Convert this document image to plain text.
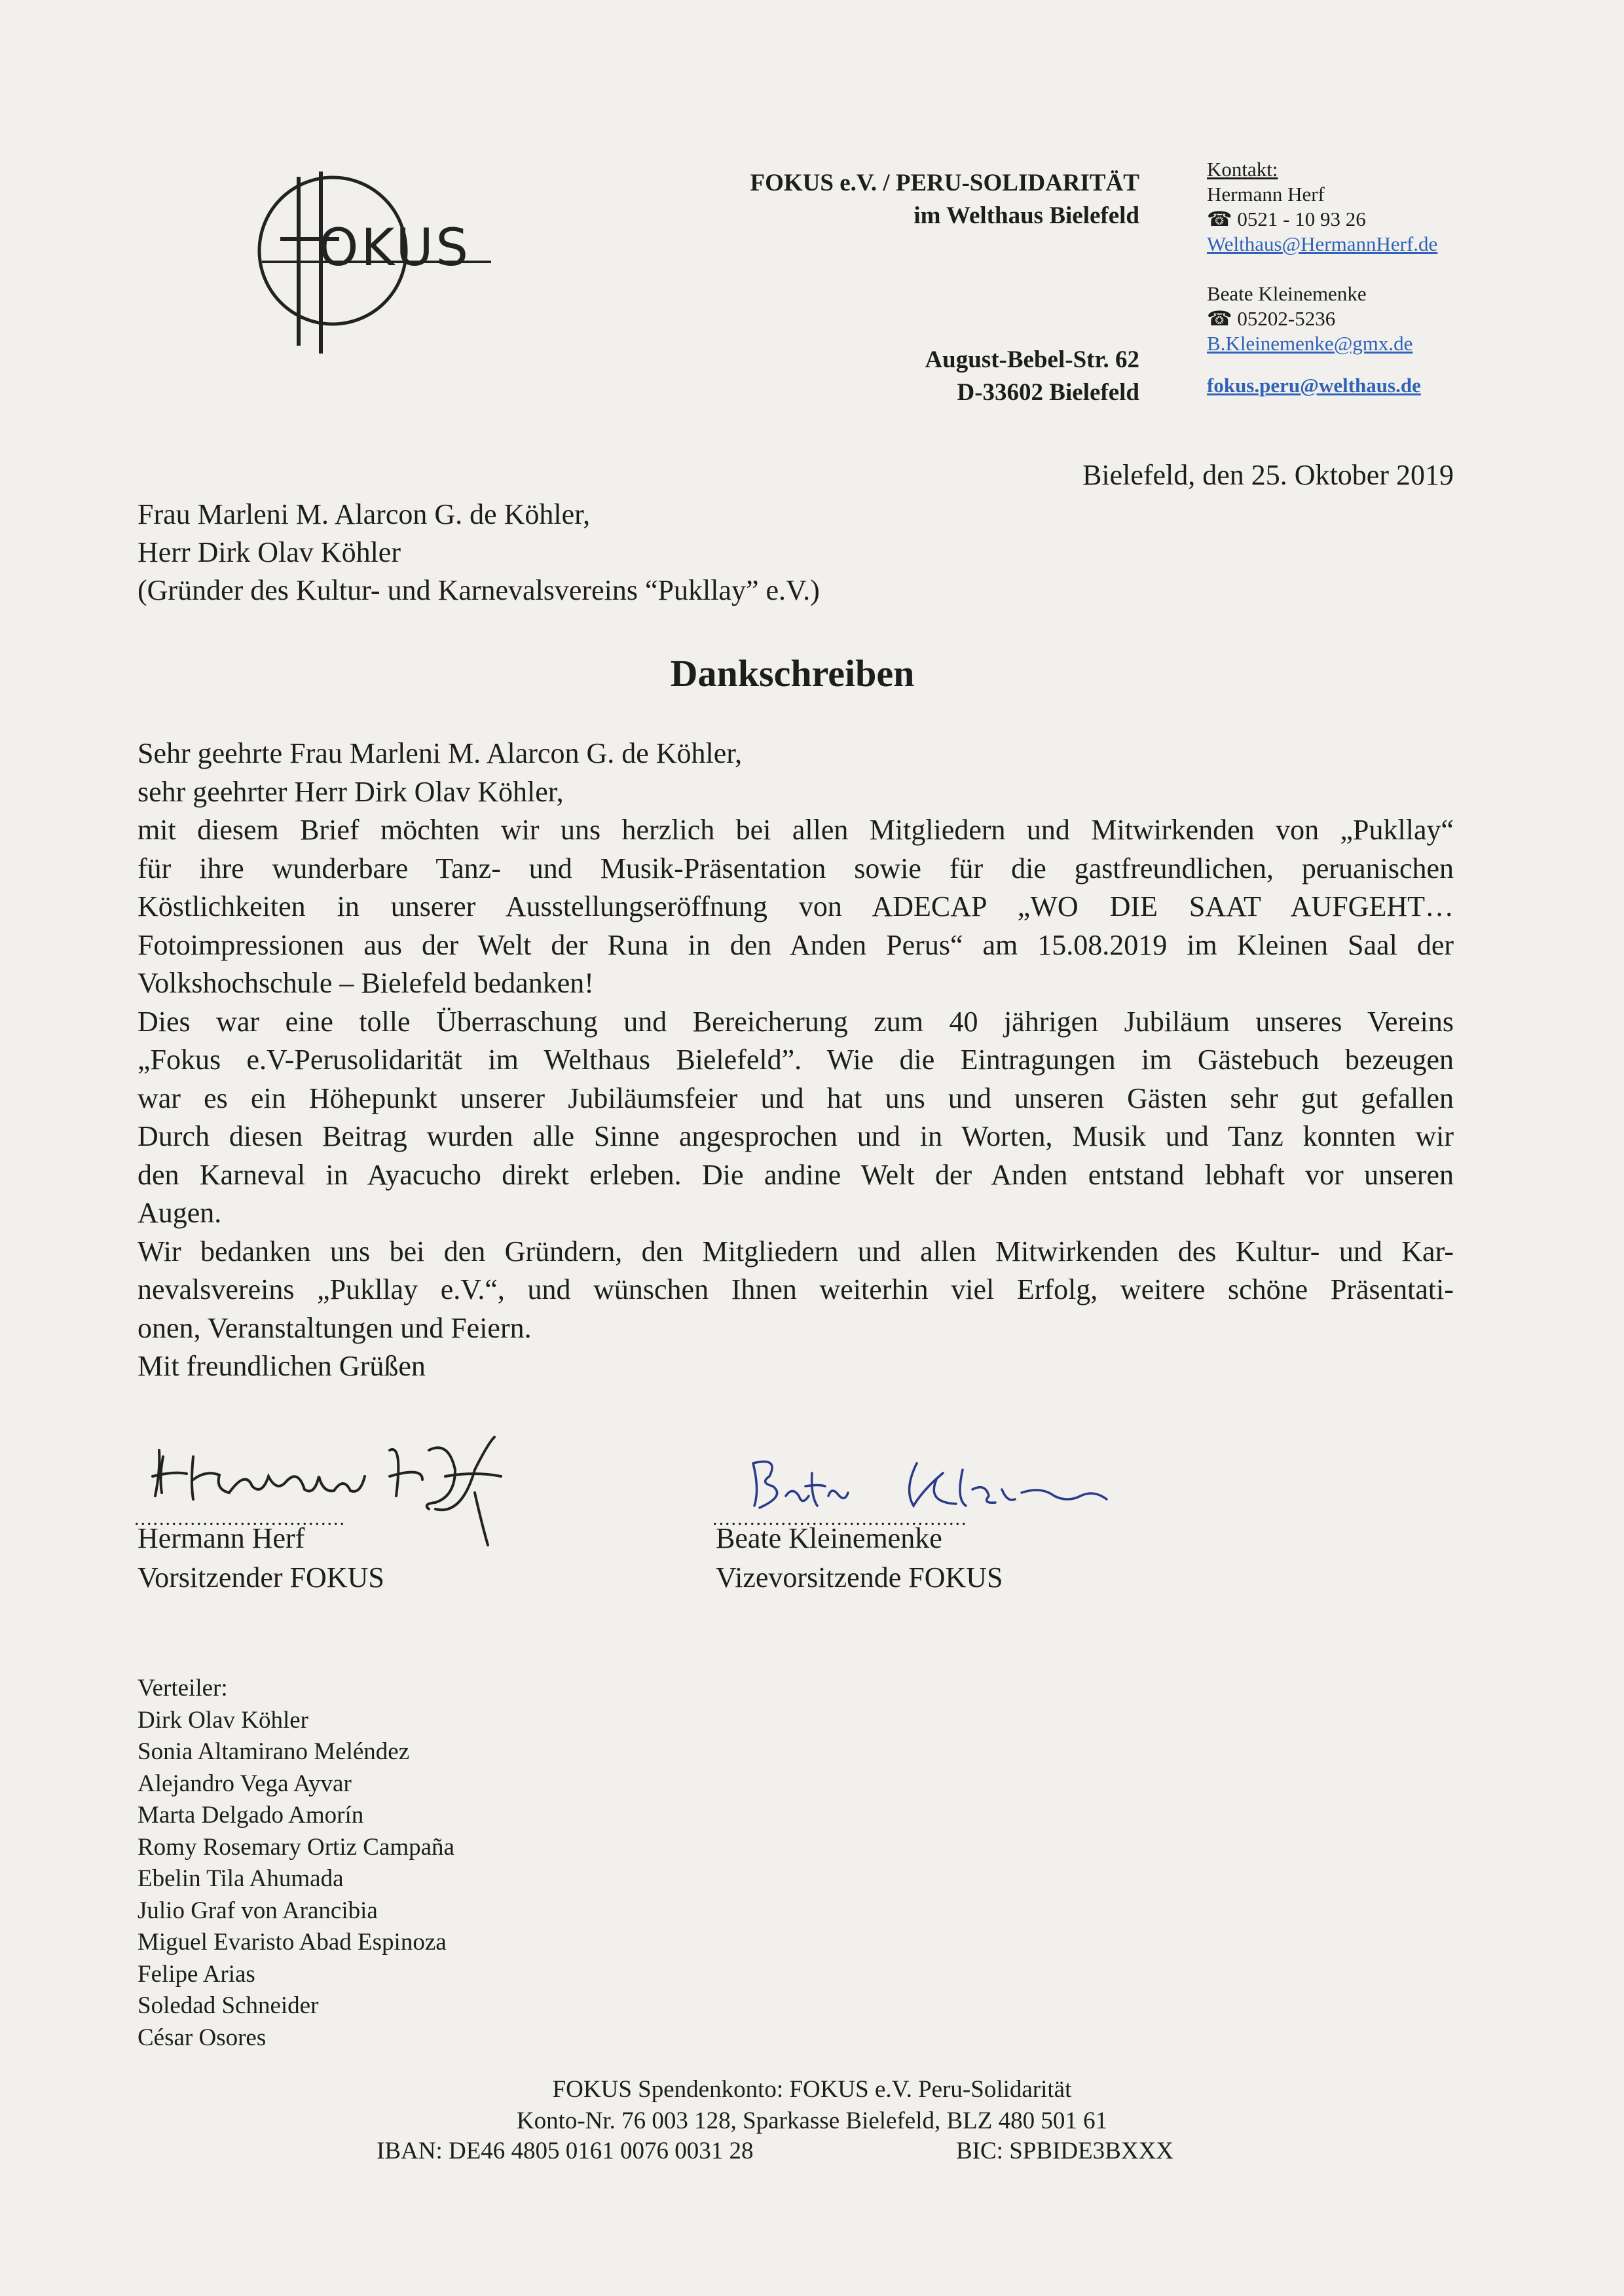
OKUS
FOKUS e.V. / PERU-SOLIDARITÄT
im Welthaus Bielefeld
August-Bebel-Str. 62
D-33602 Bielefeld
Kontakt:
Hermann Herf
☎ 0521 - 10 93 26
Welthaus@HermannHerf.de
Beate Kleinemenke
☎ 05202-5236
B.Kleinemenke@gmx.de
fokus.peru@welthaus.de
Bielefeld, den 25. Oktober 2019
Frau Marleni M. Alarcon G. de Köhler,
Herr Dirk Olav Köhler
(Gründer des Kultur- und Karnevalsvereins “Pukllay” e.V.)
Dankschreiben

Sehr geehrte Frau Marleni M. Alarcon G. de Köhler,

sehr geehrter Herr Dirk Olav Köhler,

mit diesem Brief möchten wir uns herzlich bei allen Mitgliedern und Mitwirkenden von „Pukllay“

für ihre wunderbare Tanz- und Musik-Präsentation sowie für die gastfreundlichen, peruanischen

Köstlichkeiten in unserer Ausstellungseröffnung von ADECAP „WO DIE SAAT AUFGEHT…

Fotoimpressionen aus der Welt der Runa in den Anden Perus“ am 15.08.2019 im Kleinen Saal der

Volkshochschule – Bielefeld bedanken!

Dies war eine tolle Überraschung und Bereicherung zum 40 jährigen Jubiläum unseres Vereins

„Fokus e.V-Perusolidarität im Welthaus Bielefeld”. Wie die Eintragungen im Gästebuch bezeugen

war es ein Höhepunkt unserer Jubiläumsfeier und hat uns und unseren Gästen sehr gut gefallen

Durch diesen Beitrag wurden alle Sinne angesprochen und in Worten, Musik und Tanz konnten wir

den Karneval in Ayacucho direkt erleben. Die andine Welt der Anden entstand lebhaft vor unseren

Augen.

Wir bedanken uns bei den Gründern, den Mitgliedern und allen Mitwirkenden des Kultur- und Kar-

nevalsvereins „Pukllay e.V.“, und wünschen Ihnen weiterhin viel Erfolg, weitere schöne Präsentati-

onen, Veranstaltungen und Feiern.

Mit freundlichen Grüßen

..................................	.........................................
Hermann Herf
Vorsitzender FOKUS
Beate Kleinemenke
Vizevorsitzende FOKUS
Verteiler:
Dirk Olav Köhler
Sonia Altamirano Meléndez
Alejandro Vega Ayvar
Marta Delgado Amorín
Romy Rosemary Ortiz Campaña
Ebelin Tila Ahumada
Julio Graf von Arancibia
Miguel Evaristo Abad Espinoza
Felipe Arias
Soledad Schneider
César Osores
FOKUS Spendenkonto: FOKUS e.V. Peru-Solidarität
Konto-Nr. 76 003 128, Sparkasse Bielefeld, BLZ 480 501 61
IBAN: DE46 4805 0161 0076 0031 28	BIC: SPBIDE3BXXX
